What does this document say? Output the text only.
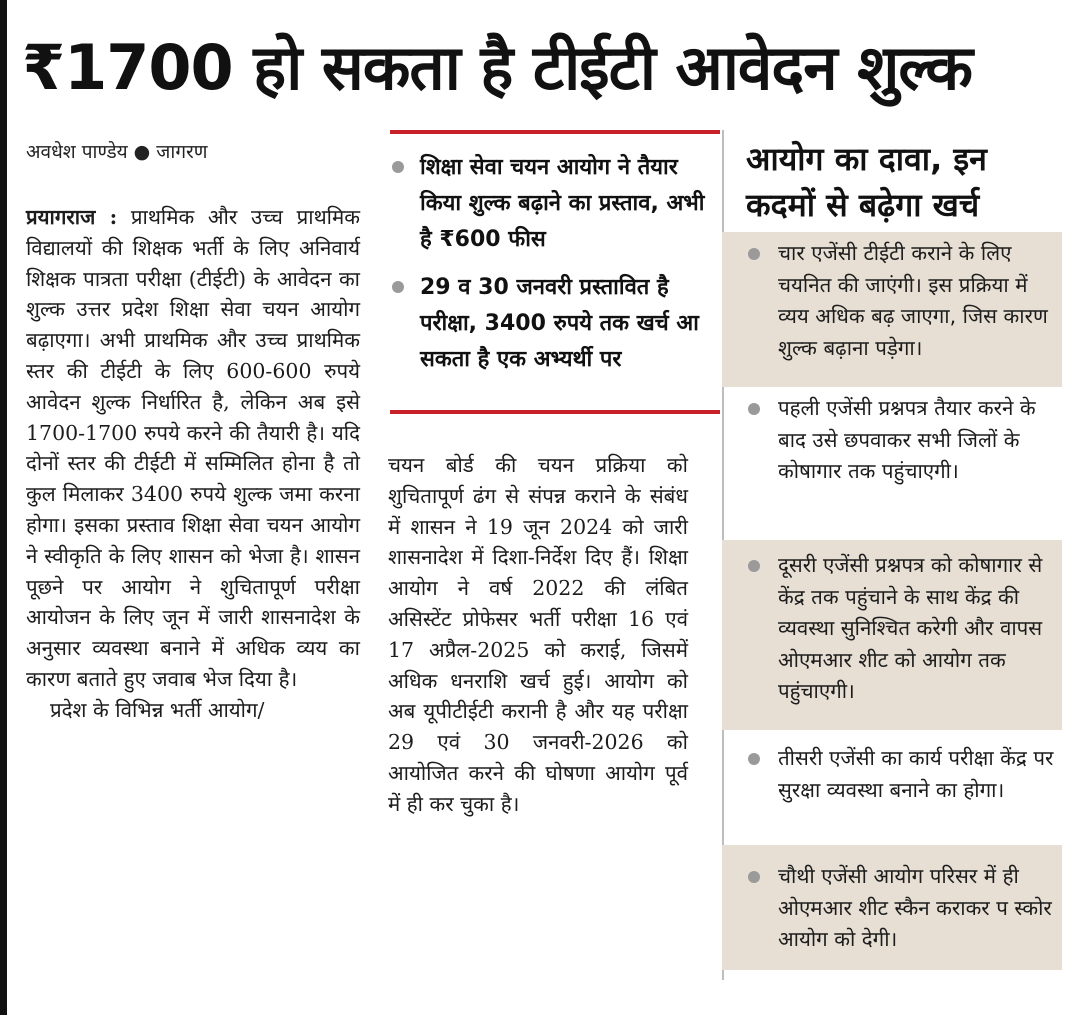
₹1700 हो सकता है टीईटी आवेदन शुल्क
अवधेश पाण्डेय ● जागरण
प्रयागराज : प्राथमिक और उच्च प्राथमिक विद्यालयों की शिक्षक भर्ती के लिए अनिवार्य शिक्षक पात्रता परीक्षा (टीईटी) के आवेदन का शुल्क उत्तर प्रदेश शिक्षा सेवा चयन आयोग बढ़ाएगा। अभी प्राथमिक और उच्च प्राथमिक स्तर की टीईटी के लिए 600-600 रुपये आवेदन शुल्क निर्धारित है, लेकिन अब इसे 1700-1700 रुपये करने की तैयारी है। यदि दोनों स्तर की टीईटी में सम्मिलित होना है तो कुल मिलाकर 3400 रुपये शुल्क जमा करना होगा। इसका प्रस्ताव शिक्षा सेवा चयन आयोग ने स्वीकृति के लिए शासन को भेजा है। शासन पूछने पर आयोग ने शुचितापूर्ण परीक्षा आयोजन के लिए जून में जारी शासनादेश के अनुसार व्यवस्था बनाने में अधिक व्यय का कारण बताते हुए जवाब भेज दिया है।
प्रदेश के विभिन्न भर्ती आयोग/
शिक्षा सेवा चयन आयोग ने तैयार किया शुल्क बढ़ाने का प्रस्ताव, अभी है ₹600 फीस
29 व 30 जनवरी प्रस्तावित है परीक्षा, 3400 रुपये तक खर्च आ सकता है एक अभ्यर्थी पर
चयन बोर्ड की चयन प्रक्रिया को शुचितापूर्ण ढंग से संपन्न कराने के संबंध में शासन ने 19 जून 2024 को जारी शासनादेश में दिशा-निर्देश दिए हैं। शिक्षा आयोग ने वर्ष 2022 की लंबित असिस्टेंट प्रोफेसर भर्ती परीक्षा 16 एवं 17 अप्रैल-2025 को कराई, जिसमें अधिक धनराशि खर्च हुई। आयोग को अब यूपीटीईटी करानी है और यह परीक्षा 29 एवं 30 जनवरी-2026 को आयोजित करने की घोषणा आयोग पूर्व में ही कर चुका है।
आयोग का दावा, इन कदमों से बढ़ेगा खर्च
चार एजेंसी टीईटी कराने के लिए चयनित की जाएंगी। इस प्रक्रिया में व्यय अधिक बढ़ जाएगा, जिस कारण शुल्क बढ़ाना पड़ेगा।
पहली एजेंसी प्रश्नपत्र तैयार करने के बाद उसे छपवाकर सभी जिलों के कोषागार तक पहुंचाएगी।
दूसरी एजेंसी प्रश्नपत्र को कोषागार से केंद्र तक पहुंचाने के साथ केंद्र की व्यवस्था सुनिश्चित करेगी और वापस ओएमआर शीट को आयोग तक पहुंचाएगी।
तीसरी एजेंसी का कार्य परीक्षा केंद्र पर सुरक्षा व्यवस्था बनाने का होगा।
चौथी एजेंसी आयोग परिसर में ही ओएमआर शीट स्कैन कराकर प स्कोर आयोग को देगी।
